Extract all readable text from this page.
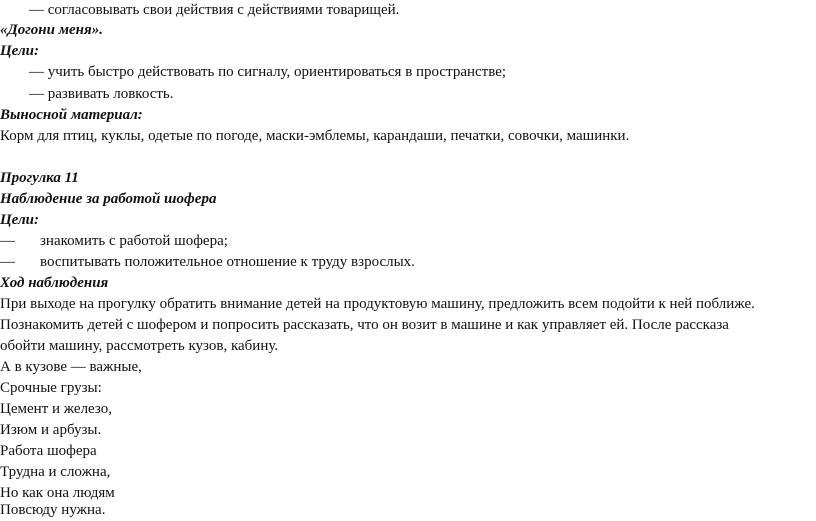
— согласовывать свои действия с действиями товарищей.
«Догони меня».
Цели:
— учить быстро действовать по сигналу, ориентироваться в пространстве;
— развивать ловкость.
Выносной материал:
Корм для птиц, куклы, одетые по погоде, маски-эмблемы, карандаши, печатки, совочки, машинки.
Прогулка 11
Наблюдение за работой шофера
Цели:
— знакомить с работой шофера;
— воспитывать положительное отношение к труду взрослых.
Ход наблюдения
При выходе на прогулку обратить внимание детей на продуктовую машину, предложить всем подойти к ней поближе.
Познакомить детей с шофером и попросить рассказать, что он возит в машине и как управляет ей. После рассказа
обойти машину, рассмотреть кузов, кабину.
А в кузове — важные,
Срочные грузы:
Цемент и железо,
Изюм и арбузы.
Работа шофера
Трудна и сложна,
Но как она людям
Повсюду нужна.
